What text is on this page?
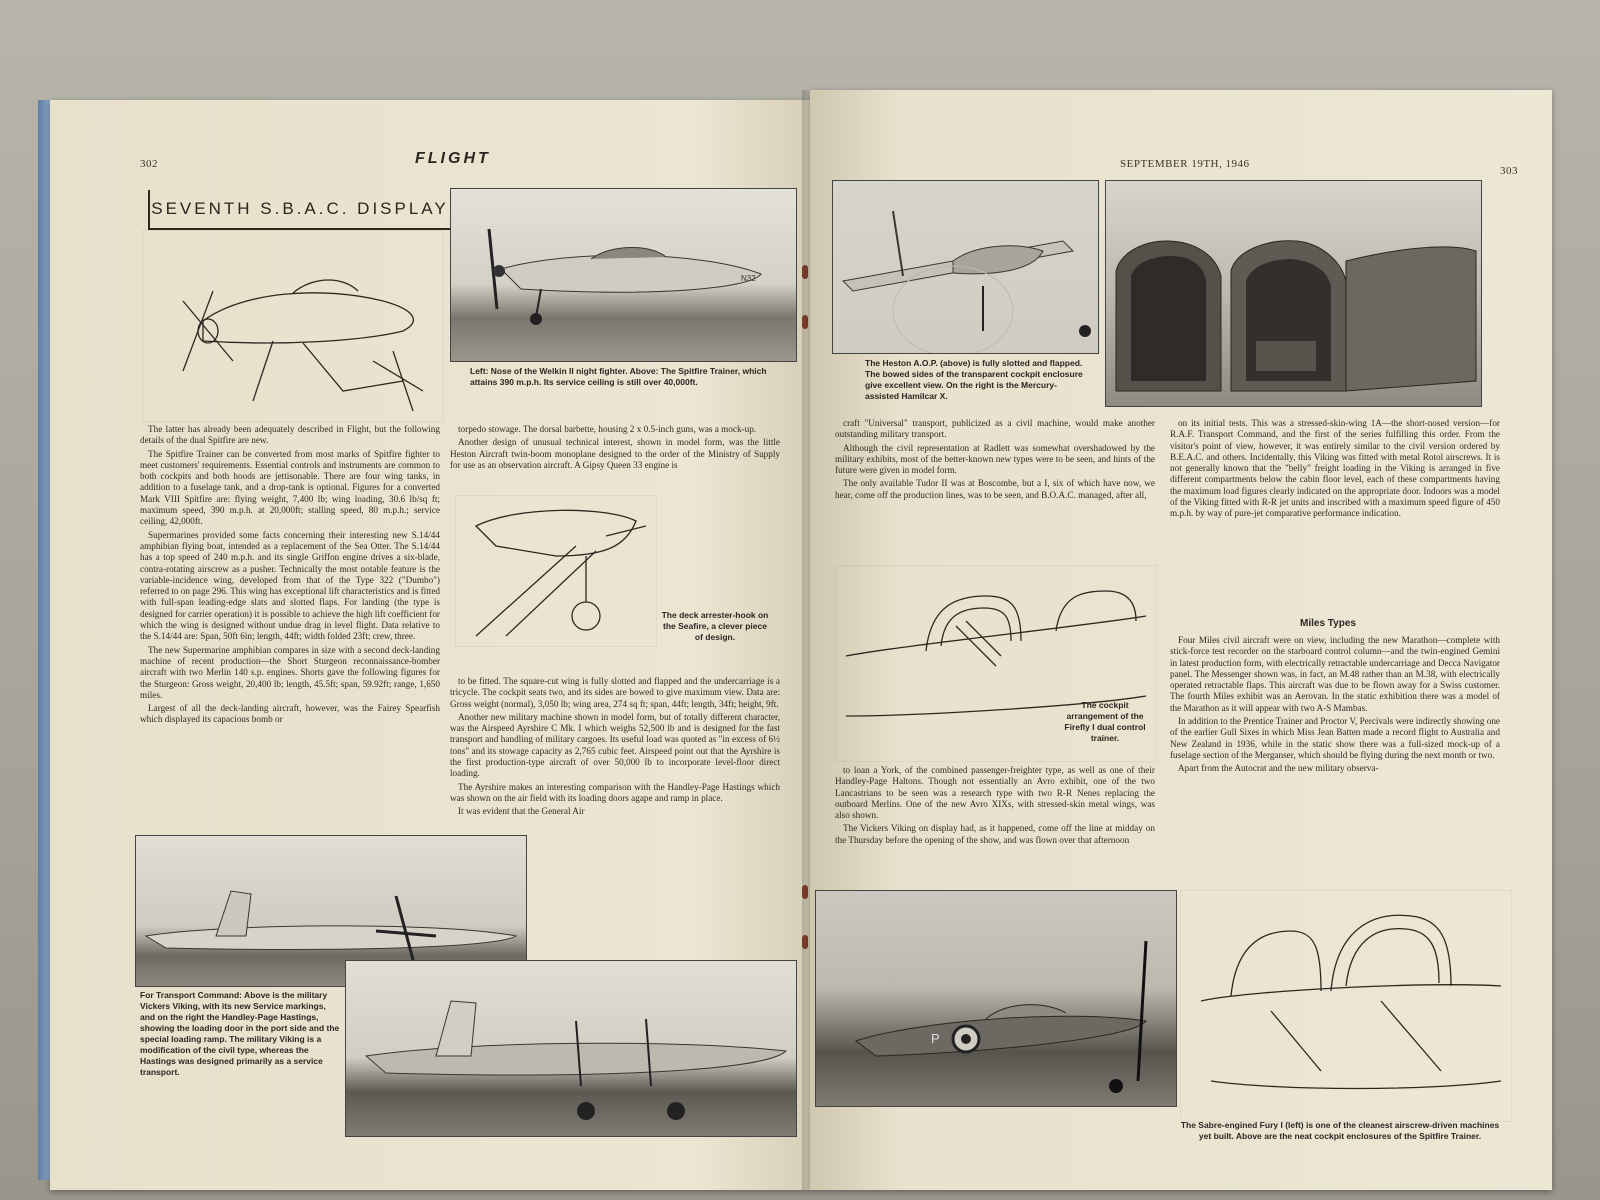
302	FLIGHT
SEVENTH S.B.A.C. DISPLAY
N32
Left: Nose of the Welkin II night fighter. Above: The Spitfire Trainer, which attains 390 m.p.h. Its service ceiling is still over 40,000ft.

The latter has already been adequately described in Flight, but the following details of the dual Spitfire are new.

The Spitfire Trainer can be converted from most marks of Spitfire fighter to meet customers' requirements. Essential controls and instruments are common to both cockpits and both hoods are jettisonable. There are four wing tanks, in addition to a fuselage tank, and a drop-tank is optional. Figures for a converted Mark VIII Spitfire are: flying weight, 7,400 lb; wing loading, 30.6 lb/sq ft; maximum speed, 390 m.p.h. at 20,000ft; stalling speed, 80 m.p.h.; service ceiling, 42,000ft.

Supermarines provided some facts concerning their interesting new S.14/44 amphibian flying boat, intended as a replacement of the Sea Otter. The S.14/44 has a top speed of 240 m.p.h. and its single Griffon engine drives a six-blade, contra-rotating airscrew as a pusher. Technically the most notable feature is the variable-incidence wing, developed from that of the Type 322 ("Dumbo") referred to on page 296. This wing has exceptional lift characteristics and is fitted with full-span leading-edge slats and slotted flaps. For landing (the type is designed for carrier operation) it is possible to achieve the high lift coefficient for which the wing is designed without undue drag in level flight. Data relative to the S.14/44 are: Span, 50ft 6in; length, 44ft; width folded 23ft; crew, three.

The new Supermarine amphibian compares in size with a second deck-landing machine of recent production—the Short Sturgeon reconnaissance-bomber aircraft with two Merlin 140 s.p. engines. Shorts gave the following figures for the Sturgeon: Gross weight, 20,400 lb; length, 45.5ft; span, 59.92ft; range, 1,650 miles.

Largest of all the deck-landing aircraft, however, was the Fairey Spearfish which displayed its capacious bomb or

torpedo stowage. The dorsal barbette, housing 2 x 0.5-inch guns, was a mock-up.

Another design of unusual technical interest, shown in model form, was the little Heston Aircraft twin-boom monoplane designed to the order of the Ministry of Supply for use as an observation aircraft. A Gipsy Queen 33 engine is

The deck arrester-hook on the Seafire, a clever piece of design.

to be fitted. The square-cut wing is fully slotted and flapped and the undercarriage is a tricycle. The cockpit seats two, and its sides are bowed to give maximum view. Data are: Gross weight (normal), 3,050 lb; wing area, 274 sq ft; span, 44ft; length, 34ft; height, 9ft.

Another new military machine shown in model form, but of totally different character, was the Airspeed Ayrshire C Mk. I which weighs 52,500 lb and is designed for the fast transport and handling of military cargoes. Its useful load was quoted as "in excess of 6½ tons" and its stowage capacity as 2,765 cubic feet. Airspeed point out that the Ayrshire is the first production-type aircraft of over 50,000 lb to incorporate level-floor direct loading.

The Ayrshire makes an interesting comparison with the Handley-Page Hastings which was shown on the air field with its loading doors agape and ramp in place.

It was evident that the General Air

For Transport Command: Above is the military Vickers Viking, with its new Service markings, and on the right the Handley-Page Hastings, showing the loading door in the port side and the special loading ramp. The military Viking is a modification of the civil type, whereas the Hastings was designed primarily as a service transport.
SEPTEMBER 19TH, 1946
303
The Heston A.O.P. (above) is fully slotted and flapped. The bowed sides of the transparent cockpit enclosure give excellent view. On the right is the Mercury-assisted Hamilcar X.

craft "Universal" transport, publicized as a civil machine, would make another outstanding military transport.

Although the civil representation at Radlett was somewhat overshadowed by the military exhibits, most of the better-known new types were to be seen, and hints of the future were given in model form.

The only available Tudor II was at Boscombe, but a I, six of which have now, we hear, come off the production lines, was to be seen, and B.O.A.C. managed, after all,

The cockpit arrangement of the Firefly I dual control trainer.

to loan a York, of the combined passenger-freighter type, as well as one of their Handley-Page Haltons. Though not essentially an Avro exhibit, one of the two Lancastrians to be seen was a research type with two R-R Nenes replacing the outboard Merlins. One of the new Avro XIXs, with stressed-skin metal wings, was also shown.

The Vickers Viking on display had, as it happened, come off the line at midday on the Thursday before the opening of the show, and was flown over that afternoon

on its initial tests. This was a stressed-skin-wing 1A—the short-nosed version—for R.A.F. Transport Command, and the first of the series fulfilling this order. From the visitor's point of view, however, it was entirely similar to the civil version ordered by B.E.A.C. and others. Incidentally, this Viking was fitted with metal Rotol airscrews. It is not generally known that the "belly" freight loading in the Viking is arranged in five different compartments below the cabin floor level, each of these compartments having the maximum load figures clearly indicated on the appropriate door. Indoors was a model of the Viking fitted with R-R jet units and inscribed with a maximum speed figure of 450 m.p.h. by way of pure-jet comparative performance indication.

Miles Types

Four Miles civil aircraft were on view, including the new Marathon—complete with stick-force test recorder on the starboard control column—and the twin-engined Gemini in latest production form, with electrically retractable undercarriage and Decca Navigator panel. The Messenger shown was, in fact, an M.48 rather than an M.38, with electrically operated retractable flaps. This aircraft was due to be flown away for a Swiss customer. The fourth Miles exhibit was an Aerovan. In the static exhibition there was a model of the Marathon as it will appear with two A-S Mambas.

In addition to the Prentice Trainer and Proctor V, Percivals were indirectly showing one of the earlier Gull Sixes in which Miss Jean Batten made a record flight to Australia and New Zealand in 1936, while in the static show there was a full-sized mock-up of a fuselage section of the Merganser, which should be flying during the next month or two.

Apart from the Autocrat and the new military observa-

P
The Sabre-engined Fury I (left) is one of the cleanest airscrew-driven machines yet built. Above are the neat cockpit enclosures of the Spitfire Trainer.
